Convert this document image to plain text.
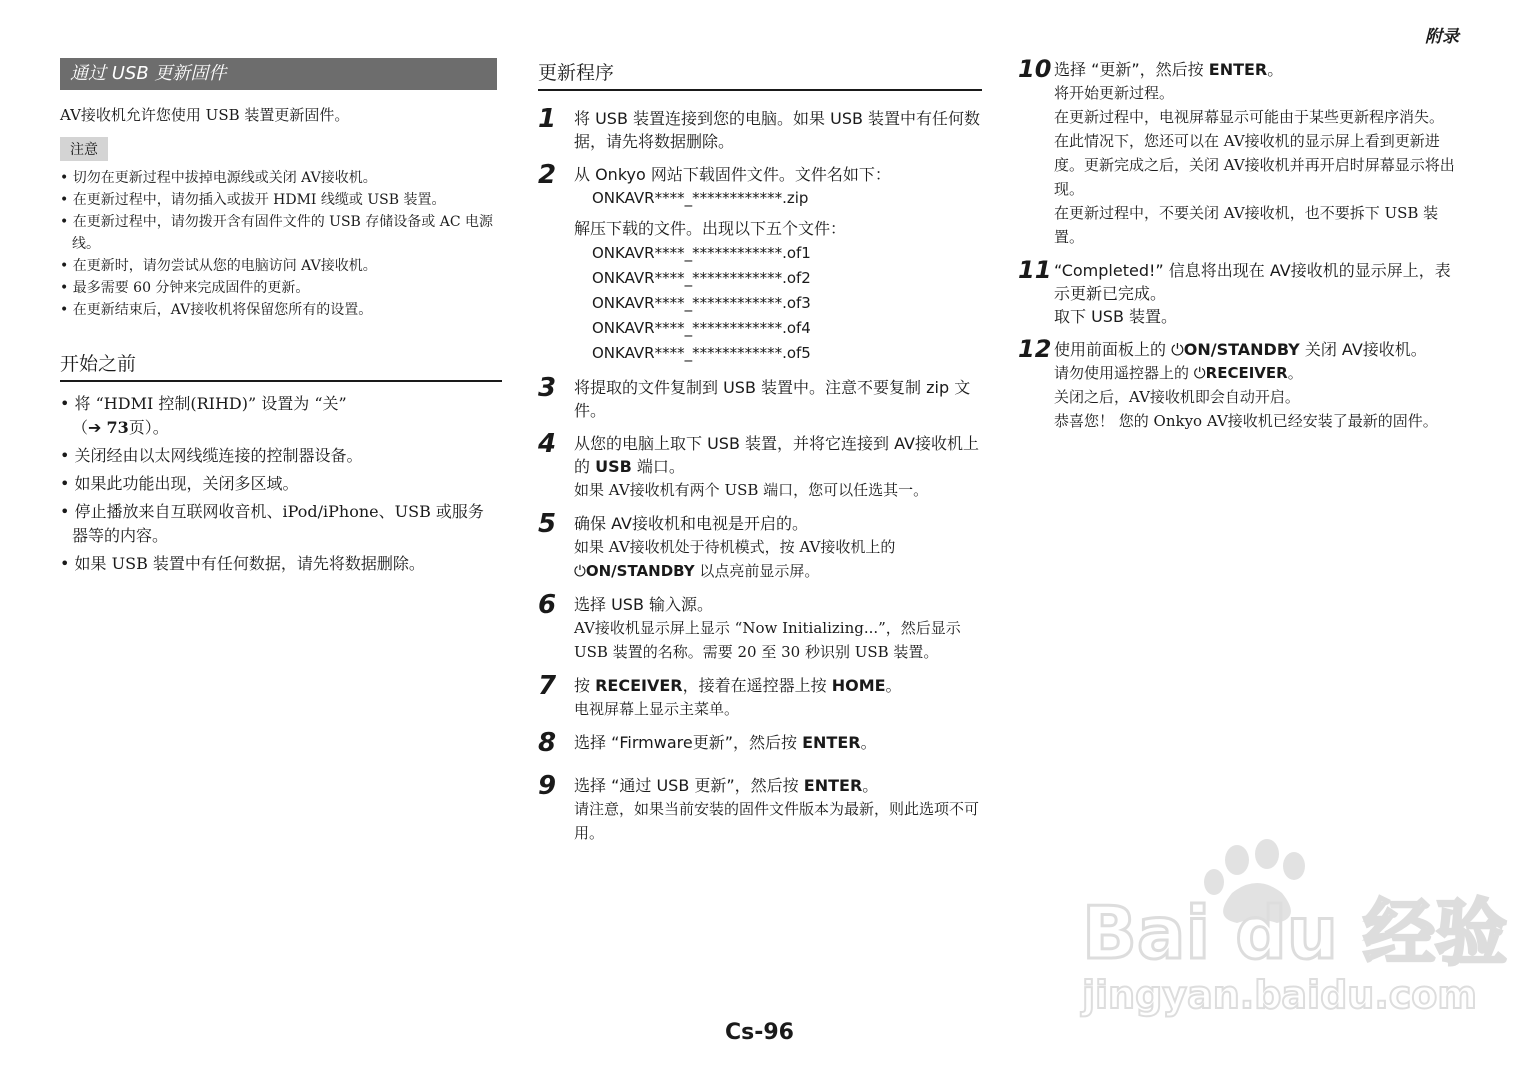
附录
通过 USB 更新固件

AV接收机允许您使用 USB 装置更新固件。

注意
• 切勿在更新过程中拔掉电源线或关闭 AV接收机。
• 在更新过程中，请勿插入或拔开 HDMI 线缆或 USB 装置。
• 在更新过程中，请勿拨开含有固件文件的 USB 存储设备或 AC 电源线。
• 在更新时，请勿尝试从您的电脑访问 AV接收机。
• 最多需要 60 分钟来完成固件的更新。
• 在更新结束后，AV接收机将保留您所有的设置。
开始之前
• 将 “HDMI 控制(RIHD)” 设置为 “关”
（➔ 73页）。
• 关闭经由以太网线缆连接的控制器设备。
• 如果此功能出现，关闭多区域。
• 停止播放来自互联网收音机、iPod/iPhone、USB 或服务器等的内容。
• 如果 USB 装置中有任何数据，请先将数据删除。
更新程序
1	将 USB 装置连接到您的电脑。如果 USB 装置中有任何数据，请先将数据删除。
2	从 Onkyo 网站下载固件文件。文件名如下：
ONKAVR****_************.zip
解压下载的文件。出现以下五个文件：
ONKAVR****_************.of1
ONKAVR****_************.of2
ONKAVR****_************.of3
ONKAVR****_************.of4
ONKAVR****_************.of5
3	将提取的文件复制到 USB 装置中。注意不要复制 zip 文件。
4	从您的电脑上取下 USB 装置，并将它连接到 AV接收机上的 USB 端口。
如果 AV接收机有两个 USB 端口，您可以任选其一。
5	确保 AV接收机和电视是开启的。
如果 AV接收机处于待机模式，按 AV接收机上的
⏻ON/STANDBY 以点亮前显示屏。
6	选择 USB 输入源。
AV接收机显示屏上显示 “Now Initializing...”，然后显示 USB 装置的名称。需要 20 至 30 秒识别 USB 装置。
7	按 RECEIVER，接着在遥控器上按 HOME。
电视屏幕上显示主菜单。
8	选择 “Firmware更新”，然后按 ENTER。
9	选择 “通过 USB 更新”，然后按 ENTER。
请注意，如果当前安装的固件文件版本为最新，则此选项不可用。
10 选择 “更新”，然后按 ENTER。
将开始更新过程。
在更新过程中，电视屏幕显示可能由于某些更新程序消失。在此情况下，您还可以在 AV接收机的显示屏上看到更新进度。更新完成之后，关闭 AV接收机并再开启时屏幕显示将出现。
在更新过程中，不要关闭 AV接收机，也不要拆下 USB 装置。
11 “Completed!” 信息将出现在 AV接收机的显示屏上，表示更新已完成。
取下 USB 装置。
12 使用前面板上的 ⏻ON/STANDBY 关闭 AV接收机。
请勿使用遥控器上的 ⏻RECEIVER。
关闭之后，AV接收机即会自动开启。
恭喜您！ 您的 Onkyo AV接收机已经安装了最新的固件。
Bai du 经验
jingyan.baidu.com
Cs-96
